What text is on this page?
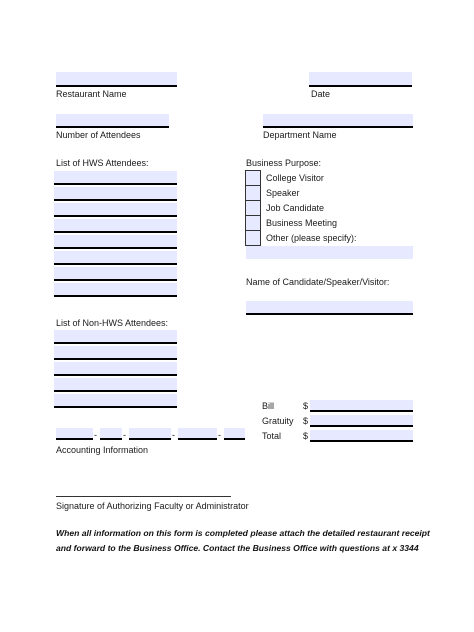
Restaurant Name	Date
Number of Attendees	Department Name
List of HWS Attendees:	Business Purpose:
College Visitor
Speaker
Job Candidate
Business Meeting
Other (please specify):
Name of Candidate/Speaker/Visitor:
List of Non-HWS Attendees:
Bill	$
Gratuity $
Total $
-	-	-	-
Accounting Information
Signature of Authorizing Faculty or Administrator
When all information on this form is completed please attach the detailed restaurant receipt
and forward to the Business Office. Contact the Business Office with questions at x 3344
